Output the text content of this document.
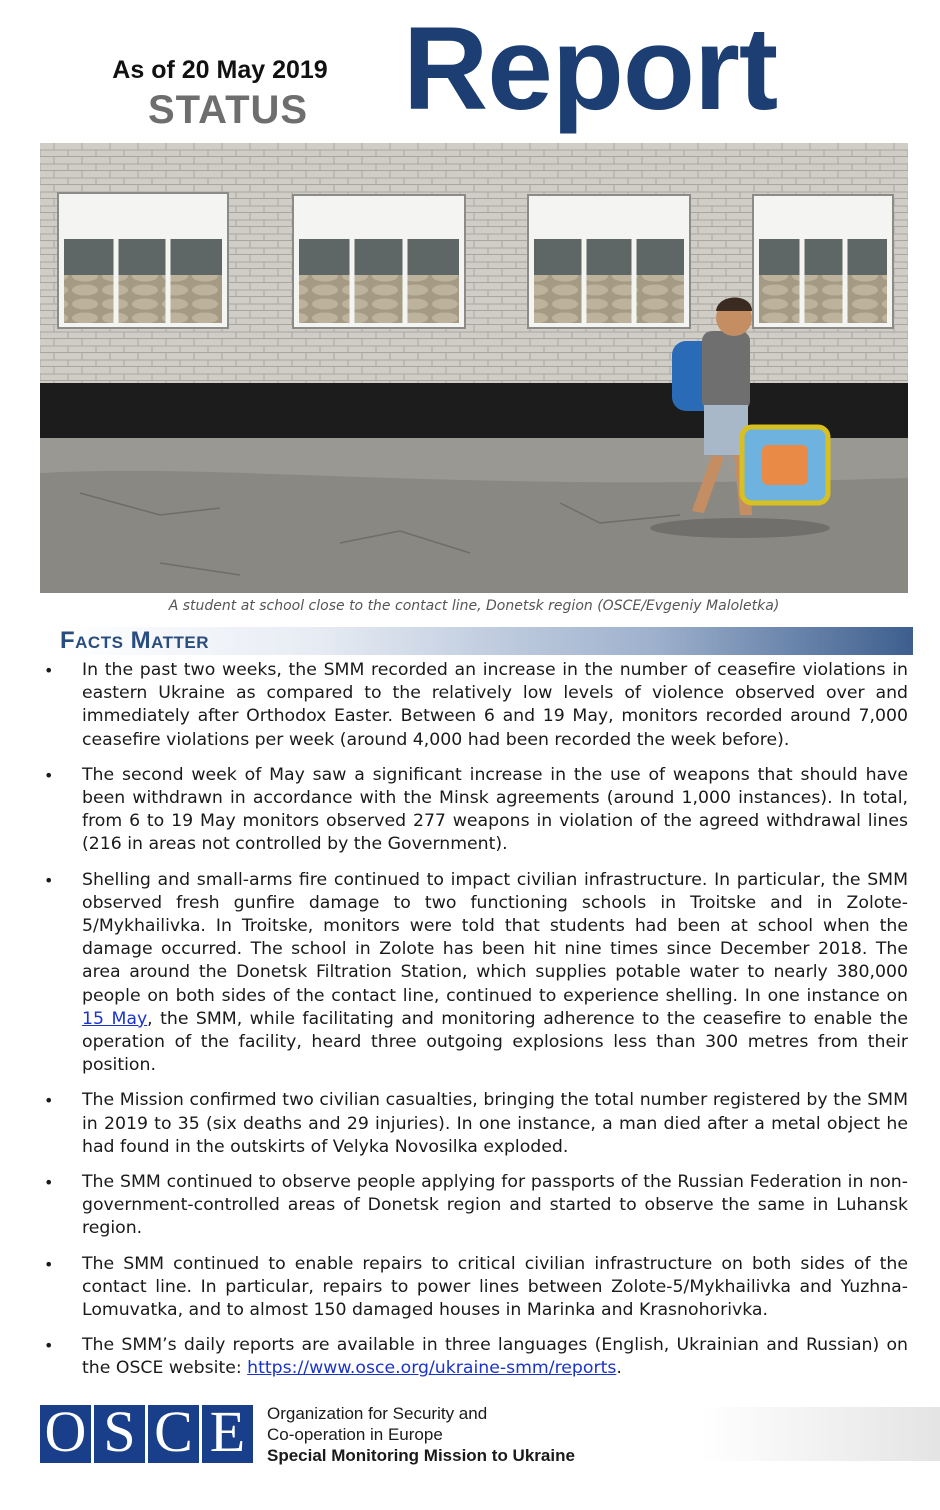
As of 20 May 2019
STATUS Report
A student at school close to the contact line, Donetsk region (OSCE/Evgeniy Maloletka)
Facts Matter
• In the past two weeks, the SMM recorded an increase in the number of ceasefire violations in eastern Ukraine as compared to the relatively low levels of violence observed over and immediately after Orthodox Easter. Between 6 and 19 May, monitors recorded around 7,000 ceasefire violations per week (around 4,000 had been recorded the week before).
• The second week of May saw a significant increase in the use of weapons that should have been withdrawn in accordance with the Minsk agreements (around 1,000 instances). In total, from 6 to 19 May monitors observed 277 weapons in violation of the agreed withdrawal lines (216 in areas not controlled by the Government).
• Shelling and small-arms fire continued to impact civilian infrastructure. In particular, the SMM observed fresh gunfire damage to two functioning schools in Troitske and in Zolote-5/Mykhailivka. In Troitske, monitors were told that students had been at school when the damage occurred. The school in Zolote has been hit nine times since December 2018. The area around the Donetsk Filtration Station, which supplies potable water to nearly 380,000 people on both sides of the contact line, continued to experience shelling. In one instance on 15 May, the SMM, while facilitating and monitoring adherence to the ceasefire to enable the operation of the facility, heard three outgoing explosions less than 300 metres from their position.
• The Mission confirmed two civilian casualties, bringing the total number registered by the SMM in 2019 to 35 (six deaths and 29 injuries). In one instance, a man died after a metal object he had found in the outskirts of Velyka Novosilka exploded.
• The SMM continued to observe people applying for passports of the Russian Federation in non-government-controlled areas of Donetsk region and started to observe the same in Luhansk region.
• The SMM continued to enable repairs to critical civilian infrastructure on both sides of the contact line. In particular, repairs to power lines between Zolote-5/Mykhailivka and Yuzhna-Lomuvatka, and to almost 150 damaged houses in Marinka and Krasnohorivka.
• The SMM’s daily reports are available in three languages (English, Ukrainian and Russian) on the OSCE website: https://www.osce.org/ukraine-smm/reports.
O S C E	Organization for Security and
Co-operation in Europe
Special Monitoring Mission to Ukraine
